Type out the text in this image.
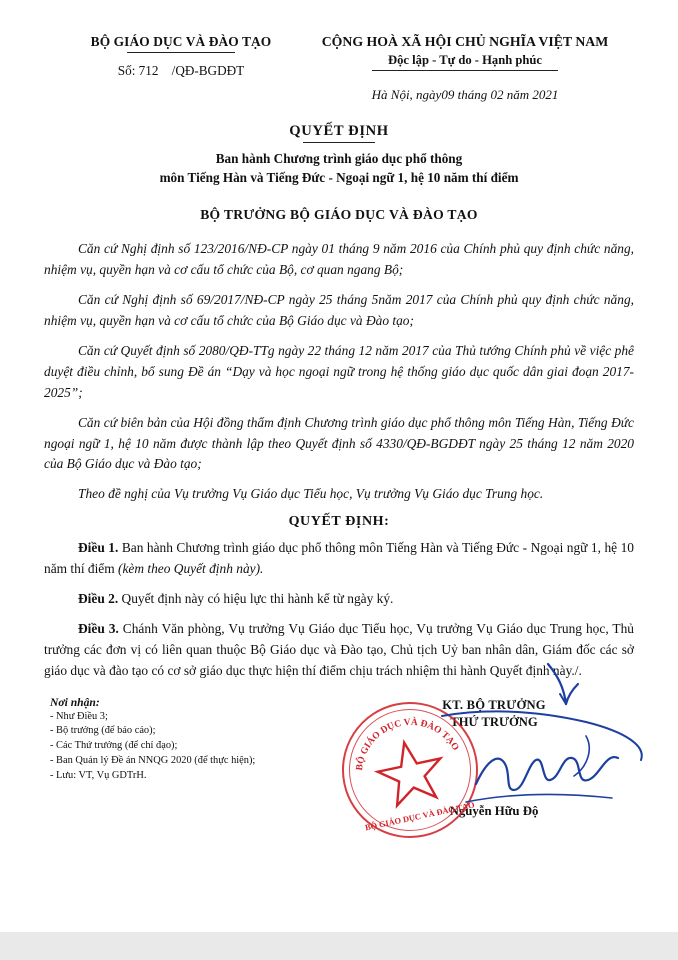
BỘ GIÁO DỤC VÀ ĐÀO TẠO
Số: 712    /QĐ-BGDĐT
CỘNG HOÀ XÃ HỘI CHỦ NGHĨA VIỆT NAM
Độc lập - Tự do - Hạnh phúc
Hà Nội, ngày09 tháng 02 năm 2021
QUYẾT ĐỊNH
Ban hành Chương trình giáo dục phổ thông
môn Tiếng Hàn và Tiếng Đức - Ngoại ngữ 1, hệ 10 năm thí điểm
BỘ TRƯỞNG BỘ GIÁO DỤC VÀ ĐÀO TẠO

Căn cứ Nghị định số 123/2016/NĐ-CP ngày 01 tháng 9 năm 2016 của Chính phủ quy định chức năng, nhiệm vụ, quyền hạn và cơ cấu tổ chức của Bộ, cơ quan ngang Bộ;

Căn cứ Nghị định số 69/2017/NĐ-CP ngày 25 tháng 5năm 2017 của Chính phủ quy định chức năng, nhiệm vụ, quyền hạn và cơ cấu tổ chức của Bộ Giáo dục và Đào tạo;

Căn cứ Quyết định số 2080/QĐ-TTg ngày 22 tháng 12 năm 2017 của Thủ tướng Chính phủ về việc phê duyệt điều chỉnh, bổ sung Đề án “Dạy và học ngoại ngữ trong hệ thống giáo dục quốc dân giai đoạn 2017-2025”;

Căn cứ biên bản của Hội đồng thẩm định Chương trình giáo dục phổ thông môn Tiếng Hàn, Tiếng Đức ngoại ngữ 1, hệ 10 năm được thành lập theo Quyết định số 4330/QĐ-BGDĐT ngày 25 tháng 12 năm 2020 của Bộ Giáo dục và Đào tạo;

Theo đề nghị của Vụ trưởng Vụ Giáo dục Tiểu học, Vụ trưởng Vụ Giáo dục Trung học.

QUYẾT ĐỊNH:

Điều 1. Ban hành Chương trình giáo dục phổ thông môn Tiếng Hàn và Tiếng Đức - Ngoại ngữ 1, hệ 10 năm thí điểm (kèm theo Quyết định này).

Điều 2. Quyết định này có hiệu lực thi hành kể từ ngày ký.

Điều 3. Chánh Văn phòng, Vụ trưởng Vụ Giáo dục Tiểu học, Vụ trưởng Vụ Giáo dục Trung học, Thủ trưởng các đơn vị có liên quan thuộc Bộ Giáo dục và Đào tạo, Chủ tịch Uỷ ban nhân dân, Giám đốc các sở giáo dục và đào tạo có cơ sở giáo dục thực hiện thí điểm chịu trách nhiệm thi hành Quyết định này./.

Nơi nhận:
- Như Điều 3;
- Bộ trưởng (để báo cáo);
- Các Thứ trưởng (để chỉ đạo);
- Ban Quản lý Đề án NNQG 2020 (để thực hiện);
- Lưu: VT, Vụ GDTrH.
KT. BỘ TRƯỞNG
THỨ TRƯỞNG
Nguyễn Hữu Độ
BỘ GIÁO DỤC VÀ ĐÀO TẠO
BỘ GIÁO DỤC VÀ ĐÀO TẠO
